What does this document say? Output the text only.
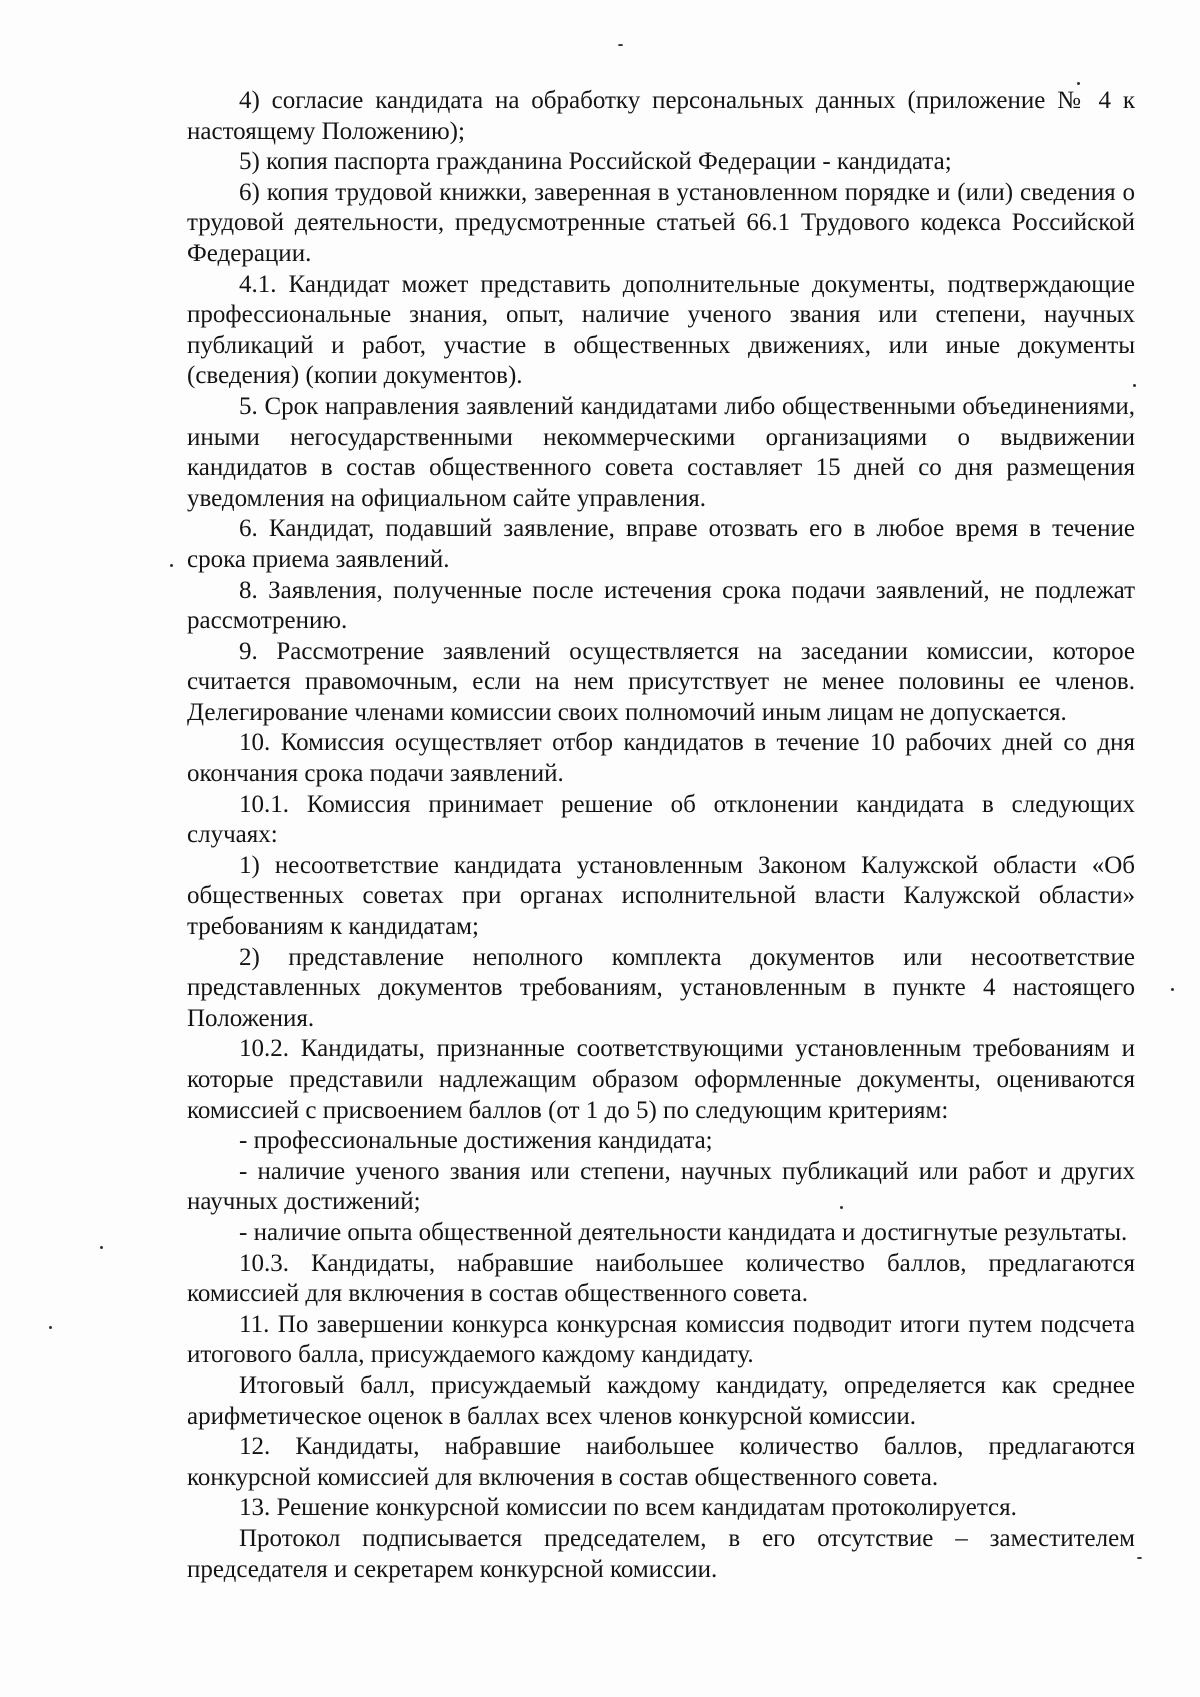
4) согласие кандидата на обработку персональных данных (приложение № 4 к настоящему Положению);

5) копия паспорта гражданина Российской Федерации - кандидата;

6) копия трудовой книжки, заверенная в установленном порядке и (или) сведения о трудовой деятельности, предусмотренные статьей 66.1 Трудового кодекса Российской Федерации.

4.1. Кандидат может представить дополнительные документы, подтверждающие профессиональные знания, опыт, наличие ученого звания или степени, научных публикаций и работ, участие в общественных движениях, или иные документы (сведения) (копии документов).

5. Срок направления заявлений кандидатами либо общественными объединениями, иными негосударственными некоммерческими организациями о выдвижении кандидатов в состав общественного совета составляет 15 дней со дня размещения уведомления на официальном сайте управления.

6. Кандидат, подавший заявление, вправе отозвать его в любое время в течение срока приема заявлений.

8. Заявления, полученные после истечения срока подачи заявлений, не подлежат рассмотрению.

9. Рассмотрение заявлений осуществляется на заседании комиссии, которое считается правомочным, если на нем присутствует не менее половины ее членов. Делегирование членами комиссии своих полномочий иным лицам не допускается.

10. Комиссия осуществляет отбор кандидатов в течение 10 рабочих дней со дня окончания срока подачи заявлений.

10.1. Комиссия принимает решение об отклонении кандидата в следующих случаях:

1) несоответствие кандидата установленным Законом Калужской области «Об общественных советах при органах исполнительной власти Калужской области» требованиям к кандидатам;

2) представление неполного комплекта документов или несоответствие представленных документов требованиям, установленным в пункте 4 настоящего Положения.

10.2. Кандидаты, признанные соответствующими установленным требованиям и которые представили надлежащим образом оформленные документы, оцениваются комиссией с присвоением баллов (от 1 до 5) по следующим критериям:

- профессиональные достижения кандидата;

- наличие ученого звания или степени, научных публикаций или работ и других научных достижений;

- наличие опыта общественной деятельности кандидата и достигнутые результаты.

10.3. Кандидаты, набравшие наибольшее количество баллов, предлагаются комиссией для включения в состав общественного совета.

11. По завершении конкурса конкурсная комиссия подводит итоги путем подсчета итогового балла, присуждаемого каждому кандидату.

Итоговый балл, присуждаемый каждому кандидату, определяется как среднее арифметическое оценок в баллах всех членов конкурсной комиссии.

12. Кандидаты, набравшие наибольшее количество баллов, предлагаются конкурсной комиссией для включения в состав общественного совета.

13. Решение конкурсной комиссии по всем кандидатам протоколируется.

Протокол подписывается председателем, в его отсутствие – заместителем председателя и секретарем конкурсной комиссии.
